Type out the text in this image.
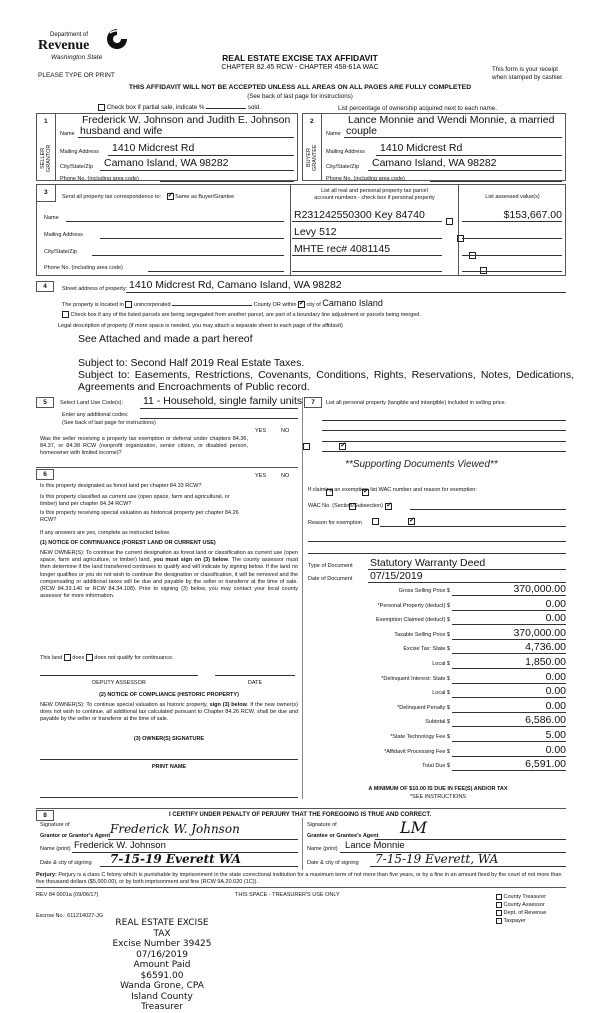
Department of
Revenue
Washington State
PLEASE TYPE OR PRINT
REAL ESTATE EXCISE TAX AFFIDAVIT
CHAPTER 82.45 RCW - CHAPTER 458-61A WAC	This form is your receipt
when stamped by cashier.
THIS AFFIDAVIT WILL NOT BE ACCEPTED UNLESS ALL AREAS ON ALL PAGES ARE FULLY COMPLETED
(See back of last page for instructions)
Check box if partial sale, indicate %	sold.	List percentage of ownership acquired next to each name.
1	2
SELLER GRANTOR	BUYER GRANTEE
Frederick W. Johnson and Judith E. Johnson
Name husband and wife
Mailing Address 1410 Midcrest Rd
City/State/Zip Camano Island, WA 98282
Phone No. (including area code)
Lance Monnie and Wendi Monnie, a married
Name couple
Mailing Address 1410 Midcrest Rd
City/State/Zip Camano Island, WA 98282
Phone No. (including area code)
3
Send all property tax correspondence to: ✓	Same as Buyer/Grantee
List all real and personal property tax parcel
account numbers - check box if personal property	List assessed value(s)
Name
Mailing Address
City/State/Zip
Phone No. (including area code)
R231242550300 Key 84740
	$153,667.00
Levy 512

MHTE rec# 4081145

4	Street address of property: 1410 Midcrest Rd, Camano Island, WA 98282
The property is located in unincorporated	County OR within ✓ city of Camano Island
Check box if any of the listed parcels are being segregated from another parcel, are part of a boundary line adjustment or parcels being merged.
Legal description of property (if more space is needed, you may attach a separate sheet to each page of the affidavit)
See Attached and made a part hereof
Subject to: Second Half 2019 Real Estate Taxes.
Subject to: Easements, Restrictions, Covenants, Conditions, Rights, Reservations, Notes, Dedications,
Agreements and Encroachments of Public record.
5	Select Land Use Code(s): 11 - Household, single family units
Enter any additional codes:
(See back of last page for instructions)
YES	NO
Was the seller receiving a property tax exemption or deferral under chapters 84.36, 84.37, or 84.38 RCW (nonprofit organization, senior citizen, or disabled person, homeowner with limited income)?
✓
6	YES	NO
Is this property designated as forest land per chapter 84.33 RCW?
✓
Is this property classified as current use (open space, farm and agricultural, or timber) land per chapter 84.34 RCW?
✓
Is this property receiving special valuation as historical property per chapter 84.26 RCW?
✓
If any answers are yes, complete as instructed below.
(1) NOTICE OF CONTINUANCE (FOREST LAND OR CURRENT USE)
NEW OWNER(S): To continue the current designation as forest land or classification as current use (open space, farm and agriculture, or timber) land, you must sign on (3) below. The county assessor must then determine if the land transferred continues to qualify and will indicate by signing below. If the land no longer qualifies or you do not wish to continue the designation or classification, it will be removed and the compensating or additional taxes will be due and payable by the seller or transferor at the time of sale. (RCW 84.33.140 or RCW 84.34.108). Prior to signing (3) below, you may contact your local county assessor for more information.
This land does does not qualify for continuance.
DEPUTY ASSESSOR	DATE
(2) NOTICE OF COMPLIANCE (HISTORIC PROPERTY)
NEW OWNER(S): To continue special valuation as historic property, sign (3) below. If the new owner(s) does not wish to continue, all additional tax calculated pursuant to Chapter 84.26 RCW, shall be due and payable by the seller or transferor at the time of sale.
(3) OWNER(S) SIGNATURE
PRINT NAME
7	List all personal property (tangible and intangible) included in selling price.
**Supporting Documents Viewed**
If claiming an exemption, list WAC number and reason for exemption:
WAC No. (Section/Subsection)
Reason for exemption
Type of Document Statutory Warranty Deed
Date of Document 07/15/2019
Gross Selling Price $	370,000.00
*Personal Property (deduct) $	0.00
Exemption Claimed (deduct) $	0.00
Taxable Selling Price $	370,000.00
Excise Tax: State $	4,736.00
Local $	1,850.00
*Delinquent Interest: State $	0.00
Local $	0.00
*Delinquent Penalty $	0.00
Subtotal $	6,586.00
*State Technology Fee $	5.00
*Affidavit Processing Fee $	0.00
Total Due $	6,591.00
A MINIMUM OF $10.00 IS DUE IN FEE(S) AND/OR TAX
*SEE INSTRUCTIONS
8	I CERTIFY UNDER PENALTY OF PERJURY THAT THE FOREGOING IS TRUE AND CORRECT.
Signature of
Grantor or Grantor's Agent Frederick W. Johnson
Name (print) Frederick W. Johnson
Date & city of signing 7-15-19 Everett WA
Signature of
Grantee or Grantee's Agent LM
Name (print) Lance Monnie
Date & city of signing 7-15-19 Everett, WA
Perjury: Perjury is a class C felony which is punishable by imprisonment in the state correctional institution for a maximum term of not more than five years, or by a fine in an amount fixed by the court of not more than five thousand dollars ($5,000.00), or by both imprisonment and fine (RCW 9A.20.020 (1C)).
REV 84 0001a (09/06/17)	THIS SPACE - TREASURER'S USE ONLY
Escrow No.: 611214027-JG
County Treasurer
County Assessor
Dept. of Revenue
Taxpayer
REAL ESTATE EXCISE TAX
Excise Number 39425
07/16/2019
Amount Paid $6591.00
Wanda Grone, CPA
Island County Treasurer
